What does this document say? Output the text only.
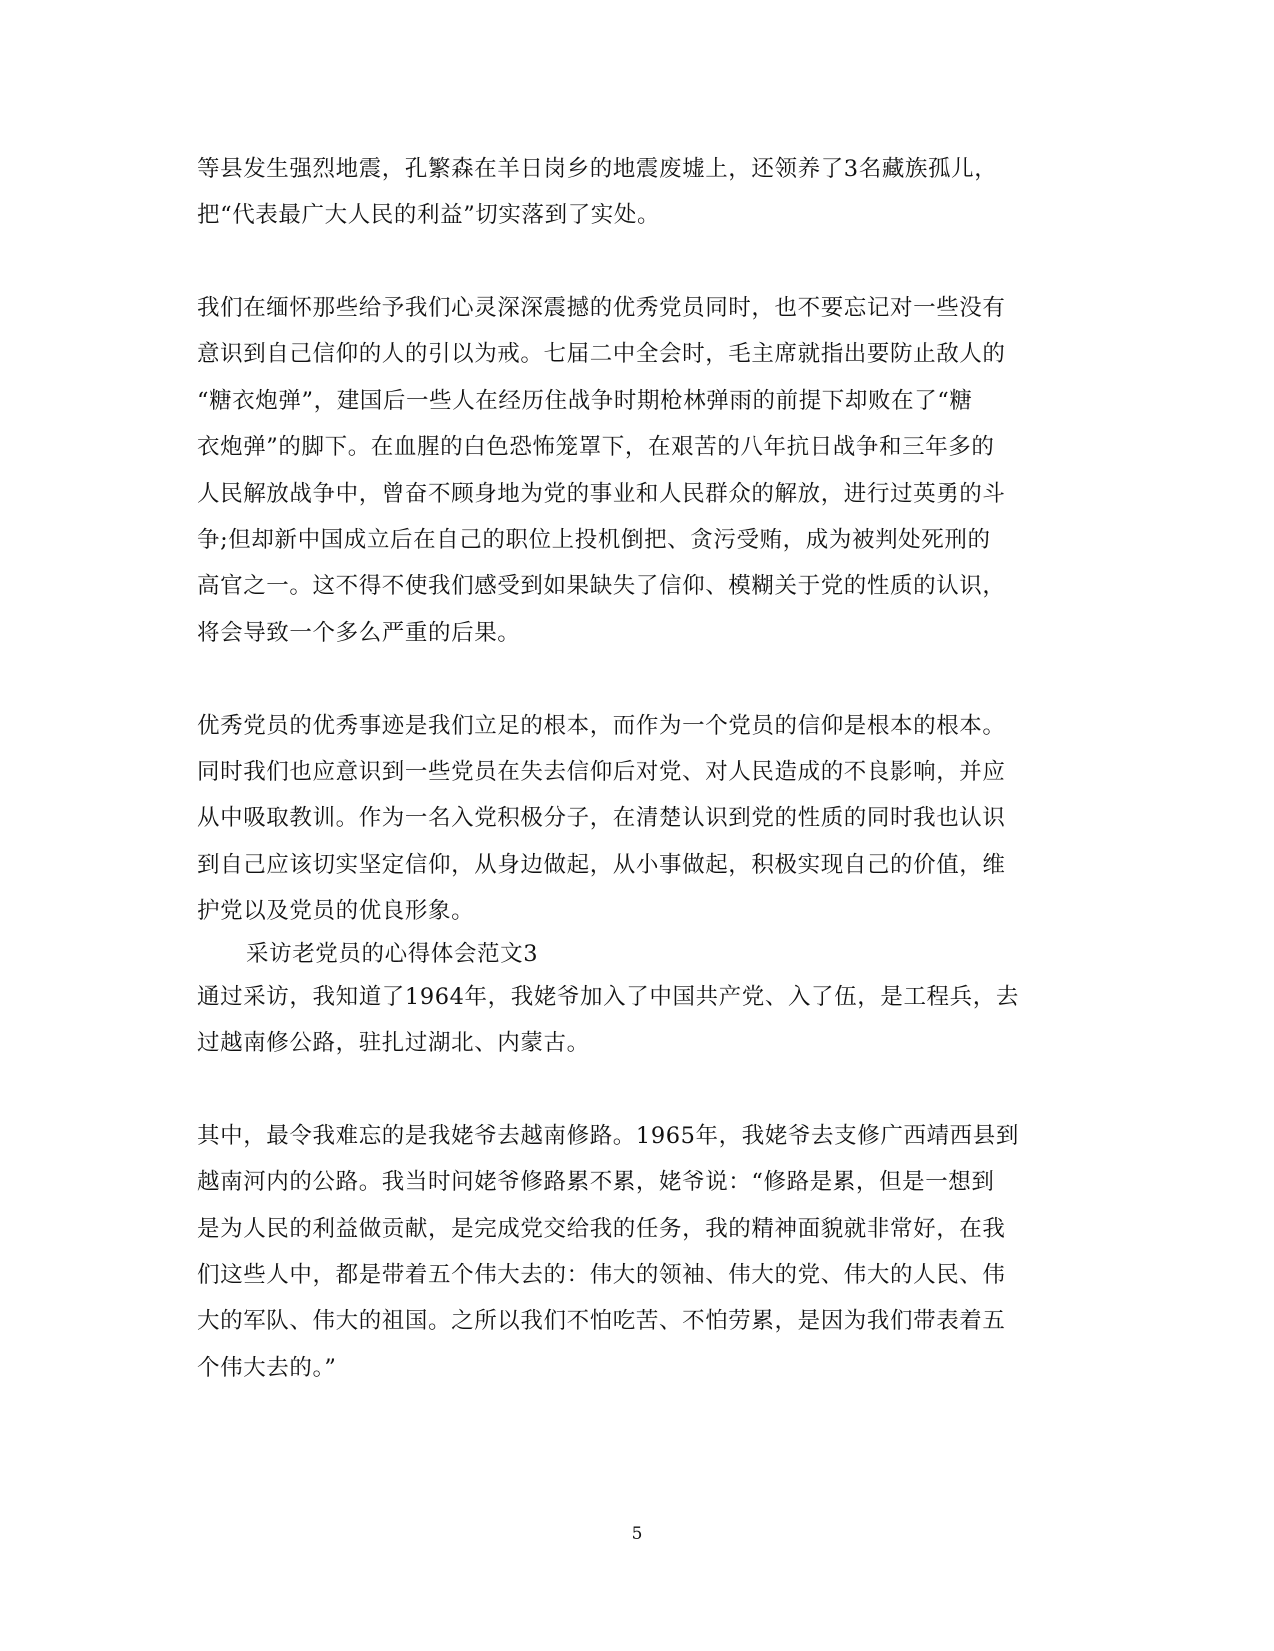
等县发生强烈地震，孔繁森在羊日岗乡的地震废墟上，还领养了3名藏族孤儿，
把“代表最广大人民的利益”切实落到了实处。
我们在缅怀那些给予我们心灵深深震撼的优秀党员同时，也不要忘记对一些没有
意识到自己信仰的人的引以为戒。七届二中全会时，毛主席就指出要防止敌人的
“糖衣炮弹”，建国后一些人在经历住战争时期枪林弹雨的前提下却败在了“糖
衣炮弹”的脚下。在血腥的白色恐怖笼罩下，在艰苦的八年抗日战争和三年多的
人民解放战争中，曾奋不顾身地为党的事业和人民群众的解放，进行过英勇的斗
争;但却新中国成立后在自己的职位上投机倒把、贪污受贿，成为被判处死刑的
高官之一。这不得不使我们感受到如果缺失了信仰、模糊关于党的性质的认识，
将会导致一个多么严重的后果。
优秀党员的优秀事迹是我们立足的根本，而作为一个党员的信仰是根本的根本。
同时我们也应意识到一些党员在失去信仰后对党、对人民造成的不良影响，并应
从中吸取教训。作为一名入党积极分子，在清楚认识到党的性质的同时我也认识
到自己应该切实坚定信仰，从身边做起，从小事做起，积极实现自己的价值，维
护党以及党员的优良形象。
采访老党员的心得体会范文3
通过采访，我知道了1964年，我姥爷加入了中国共产党、入了伍，是工程兵，去
过越南修公路，驻扎过湖北、内蒙古。
其中，最令我难忘的是我姥爷去越南修路。1965年，我姥爷去支修广西靖西县到
越南河内的公路。我当时问姥爷修路累不累，姥爷说：“修路是累，但是一想到
是为人民的利益做贡献，是完成党交给我的任务，我的精神面貌就非常好，在我
们这些人中，都是带着五个伟大去的：伟大的领袖、伟大的党、伟大的人民、伟
大的军队、伟大的祖国。之所以我们不怕吃苦、不怕劳累，是因为我们带表着五
个伟大去的。”
5
